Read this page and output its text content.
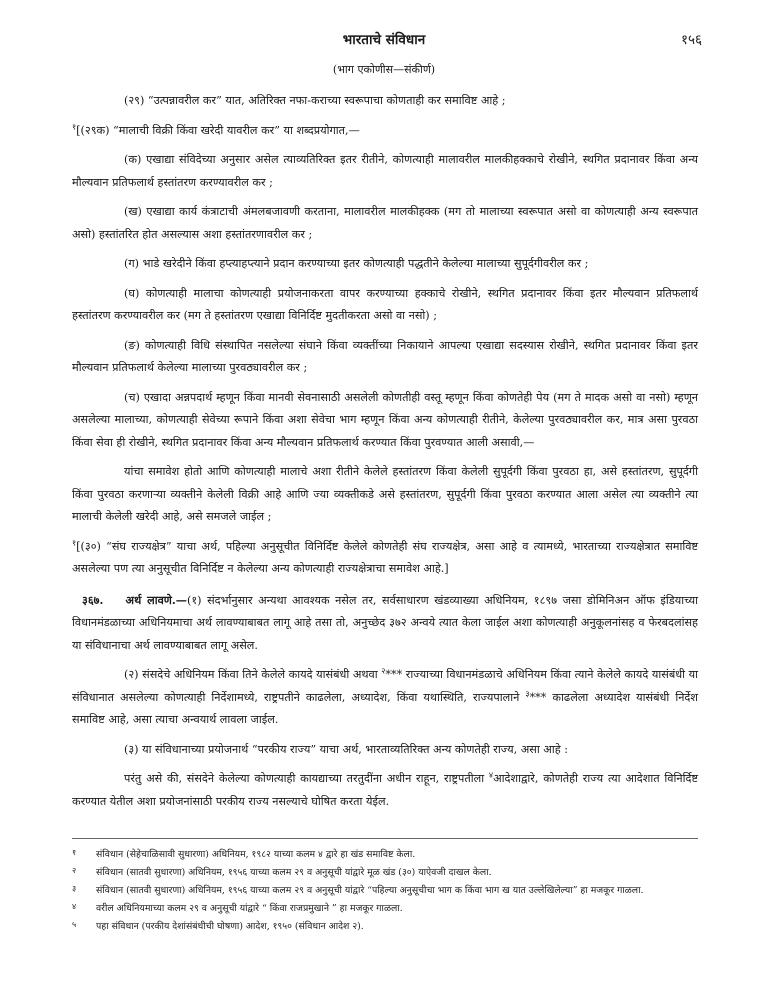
भारताचे संविधान	१५६
(भाग एकोणीस—संकीर्ण)

(२९) “उत्पन्नावरील कर” यात, अतिरिक्त नफा-कराच्या स्वरूपाचा कोणताही कर समाविष्ट आहे ;

$^१$[(२९क) “मालाची विक्री किंवा खरेदी यावरील कर” या शब्दप्रयोगात,—

(क) एखाद्या संविदेच्या अनुसार असेल त्याव्यतिरिक्त इतर रीतीने, कोणत्याही मालावरील मालकीहक्काचे रोखीने, स्थगित प्रदानावर किंवा अन्य मौल्यवान प्रतिफलार्थ हस्तांतरण करण्यावरील कर ;

(ख) एखाद्या कार्य कंत्राटाची अंमलबजावणी करताना, मालावरील मालकीहक्क (मग तो मालाच्या स्वरूपात असो वा कोणत्याही अन्य स्वरूपात असो) हस्तांतरित होत असल्यास अशा हस्तांतरणावरील कर ;

(ग) भाडे खरेदीने किंवा हप्त्याहप्त्याने प्रदान करण्याच्या इतर कोणत्याही पद्धतीने केलेल्या मालाच्या सुपूर्दगीवरील कर ;

(घ) कोणत्याही मालाचा कोणत्याही प्रयोजनाकरता वापर करण्याच्या हक्काचे रोखीने, स्थगित प्रदानावर किंवा इतर मौल्यवान प्रतिफलार्थ हस्तांतरण करण्यावरील कर (मग ते हस्तांतरण एखाद्या विनिर्दिष्ट मुदतीकरता असो वा नसो) ;

(ङ) कोणत्याही विधि संस्थापित नसलेल्या संघाने किंवा व्यक्तींच्या निकायाने आपल्या एखाद्या सदस्यास रोखीने, स्थगित प्रदानावर किंवा इतर मौल्यवान प्रतिफलार्थ केलेल्या मालाच्या पुरवठ्यावरील कर ;

(च) एखादा अन्नपदार्थ म्हणून किंवा मानवी सेवनासाठी असलेली कोणतीही वस्तू म्हणून किंवा कोणतेही पेय (मग ते मादक असो वा नसो) म्हणून असलेल्या मालाच्या, कोणत्याही सेवेच्या रूपाने किंवा अशा सेवेचा भाग म्हणून किंवा अन्य कोणत्याही रीतीने, केलेल्या पुरवठ्यावरील कर, मात्र असा पुरवठा किंवा सेवा ही रोखीने, स्थगित प्रदानावर किंवा अन्य मौल्यवान प्रतिफलार्थ करण्यात किंवा पुरवण्यात आली असावी,—

यांचा समावेश होतो आणि कोणत्याही मालाचे अशा रीतीने केलेले हस्तांतरण किंवा केलेली सुपूर्दगी किंवा पुरवठा हा, असे हस्तांतरण, सुपूर्दगी किंवा पुरवठा करणाऱ्या व्यक्तीने केलेली विक्री आहे आणि ज्या व्यक्तीकडे असे हस्तांतरण, सुपूर्दगी किंवा पुरवठा करण्यात आला असेल त्या व्यक्तीने त्या मालाची केलेली खरेदी आहे, असे समजले जाईल ;

$^१$[(३०) “संघ राज्यक्षेत्र” याचा अर्थ, पहिल्या अनुसूचीत विनिर्दिष्ट केलेले कोणतेही संघ राज्यक्षेत्र, असा आहे व त्यामध्ये, भारताच्या राज्यक्षेत्रात समाविष्ट असलेल्या पण त्या अनुसूचीत विनिर्दिष्ट न केलेल्या अन्य कोणत्याही राज्यक्षेत्राचा समावेश आहे.]

३६७. अर्थ लावणे.—(१) संदर्भानुसार अन्यथा आवश्यक नसेल तर, सर्वसाधारण खंडव्याख्या अधिनियम, १८९७ जसा डोमिनिअन ऑफ इंडियाच्या विधानमंडळाच्या अधिनियमाचा अर्थ लावण्याबाबत लागू आहे तसा तो, अनुच्छेद ३७२ अन्वये त्यात केला जाईल अशा कोणत्याही अनुकूलनांसह व फेरबदलांसह या संविधानाचा अर्थ लावण्याबाबत लागू असेल.

(२) संसदेचे अधिनियम किंवा तिने केलेले कायदे यासंबंधी अथवा $^२$*** राज्याच्या विधानमंडळाचे अधिनियम किंवा त्याने केलेले कायदे यासंबंधी या संविधानात असलेल्या कोणत्याही निर्देशामध्ये, राष्ट्रपतीने काढलेला, अध्यादेश, किंवा यथास्थिति, राज्यपालाने $^३$*** काढलेला अध्यादेश यासंबंधी निर्देश समाविष्ट आहे, असा त्याचा अन्वयार्थ लावला जाईल.

(३) या संविधानाच्या प्रयोजनार्थ “परकीय राज्य” याचा अर्थ, भारताव्यतिरिक्त अन्य कोणतेही राज्य, असा आहे :

परंतु असे की, संसदेने केलेल्या कोणत्याही कायद्याच्या तरतुदींना अधीन राहून, राष्ट्रपतीला $^४$आदेशाद्वारे, कोणतेही राज्य त्या आदेशात विनिर्दिष्ट करण्यात येतील अशा प्रयोजनांसाठी परकीय राज्य नसल्याचे घोषित करता येईल.

१	संविधान (सेहेचाळिसावी सुधारणा) अधिनियम, १९८२ याच्या कलम ४ द्वारे हा खंड समाविष्ट केला.
२	संविधान (सातवी सुधारणा) अधिनियम, १९५६ याच्या कलम २९ व अनुसूची यांद्वारे मूळ खंड (३०) याऐवजी दाखल केला.
३	संविधान (सातवी सुधारणा) अधिनियम, १९५६ याच्या कलम २९ व अनुसूची यांद्वारे “पहिल्या अनुसूचीचा भाग क किंवा भाग ख यात उल्लेखिलेल्या” हा मजकूर गाळला.
४	वरील अधिनियमाच्या कलम २९ व अनुसूची यांद्वारे “ किंवा राजप्रमुखाने ” हा मजकूर गाळला.
५	पहा संविधान (परकीय देशांसंबंधीची घोषणा) आदेश, १९५० (संविधान आदेश २).
